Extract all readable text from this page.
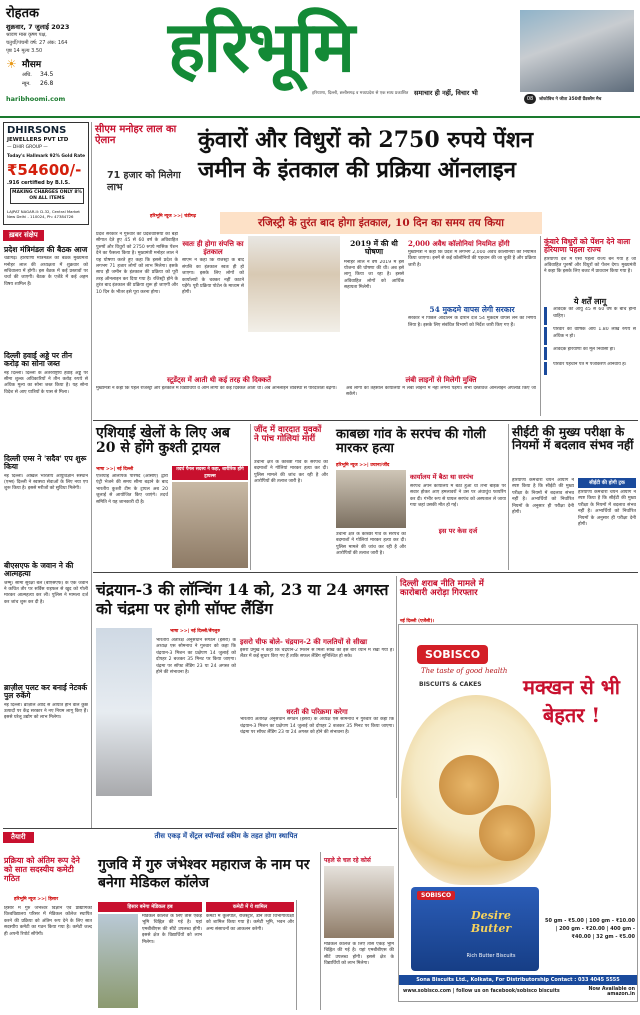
रोहतक
शुक्रवार, 7 जुलाई 2023
श्रावण मास कृष्ण पक्ष,
चतुर्थी/पंचमी वर्ष: 27 अंक: 164
पृष्ठ 14 मूल्य 3.50
☀ मौसम
अधि. 34.5
न्यून. 26.8
haribhoomi.com
हरिभूमि
हरियाणा, दिल्ली, छत्तीसगढ़ व मध्यप्रदेश से एक साथ प्रकाशित समाचार ही नहीं, विचार भी
08	जोकोविच ने जीता 350वीं ग्रैंडस्लैम मैच
DHIRSONS
JEWELLERS PVT LTD
— DHIR GROUP —
Today's Hallmark 92% Gold Rate
₹54600/-
.916 certified by B.I.S.
MAKING CHARGES ONLY 8% ON ALL ITEMS
LAJPAT NAGAR-II: D-32, Central Market New Delhi - 110024, Ph: 47384726
ख़बर संक्षेप
प्रदेश मंत्रिमंडल की बैठक आज
चंडीगढ़। हरियाणा मंत्रिमंडल की बैठक मुख्यमंत्री मनोहर लाल की अध्यक्षता में शुक्रवार को सचिवालय में होगी। इस बैठक में कई प्रस्तावों पर चर्चा की जाएगी। बैठक के एजेंडे में कई अहम विषय शामिल हैं।
दिल्ली हवाई अड्डे पर तीन करोड़ का सोना जब्त
नई दिल्ली। दिल्ली के अंतरराष्ट्रीय हवाई अड्डे पर सीमा शुल्क अधिकारियों ने तीन करोड़ रुपये से अधिक मूल्य का सोना जब्त किया है। यह सोना विदेश से आए यात्रियों के पास से मिला।
दिल्ली एम्स ने 'सदैव' एप शुरू किया
नई दिल्ली। अखिल भारतीय आयुर्विज्ञान संस्थान (एम्स) दिल्ली ने स्वास्थ्य सेवाओं के लिए नया एप शुरू किया है। इससे मरीजों को सुविधा मिलेगी।
बीएसएफ के जवान ने की आत्महत्या
जम्मू। सीमा सुरक्षा बल (बीएसएफ) के एक जवान ने कथित तौर पर सर्विस राइफल से खुद को गोली मारकर आत्महत्या कर ली। पुलिस ने मामला दर्ज कर जांच शुरू कर दी है।
ब्राज़ील पलट कर बनाई नेटवर्क पुल रुकेंगे
नई दिल्ली। ब्राज़ील आदि से आयात होने वाले कुछ उत्पादों पर केंद्र सरकार ने नए नियम लागू किए हैं। इससे घरेलू उद्योग को लाभ मिलेगा।
सीएम मनोहर लाल का ऐलान
71 हजार को मिलेगा लाभ
कुंवारों और विधुरों को 2750 रुपये पेंशन
जमीन के इंतकाल की प्रक्रिया ऑनलाइन
हरिभूमि न्यूज >>| चंडीगढ़
रजिस्ट्री के तुरंत बाद होगा इंतकाल, 10 दिन का समय तय किया
प्रदेश सरकार ने गुरुवार को प्रदेशवासियों को बड़ी सौगात देते हुए 45 से 60 वर्ष के अविवाहित पुरुषों और विधुरों को 2750 रुपये मासिक पेंशन देने का फैसला किया है। मुख्यमंत्री मनोहर लाल ने यह घोषणा करते हुए कहा कि इससे प्रदेश के लगभग 71 हजार लोगों को लाभ मिलेगा। इसके साथ ही जमीन के इंतकाल की प्रक्रिया को पूरी तरह ऑनलाइन कर दिया गया है। रजिस्ट्री होने के तुरंत बाद इंतकाल की प्रक्रिया शुरू हो जाएगी और 10 दिन के भीतर इसे पूरा करना होगा।
स्वतः ही होगा संपत्ति का इंतकाल
सीएम ने कहा कि रजिस्ट्री के बाद संपत्ति का इंतकाल स्वतः ही हो जाएगा। इसके लिए लोगों को कार्यालयों के चक्कर नहीं काटने पड़ेंगे। पूरी प्रक्रिया पोर्टल के माध्यम से होगी।
2019 में की थी घोषणा
मनोहर लाल ने वर्ष 2019 में इस योजना की घोषणा की थी। अब इसे लागू किया जा रहा है। इससे अविवाहित लोगों को आर्थिक सहायता मिलेगी।
2,000 अवैध कॉलोनियां नियमित होंगी
मुख्यमंत्री ने कहा कि प्रदेश में लगभग 2,000 अवैध कॉलोनियों को नियमित किया जाएगा। इनमें से कई कॉलोनियों की पहचान की जा चुकी है और प्रक्रिया जारी है।
54 मुकदमे वापस लेगी सरकार
सरकार ने पिछले आंदोलन के दौरान दर्ज 54 मुकदमे वापस लेने का निर्णय लिया है। इसके लिए संबंधित विभागों को निर्देश जारी किए गए हैं।
स्टूडेंट्स में आती थी कई तरह की दिक्कतें
मुख्यमंत्री ने कहा कि पहले रजिस्ट्री और इंतकाल में विद्यार्थियों व आम लोगों को कई दिक्कतें आती थीं। अब ऑनलाइन व्यवस्था से पारदर्शिता बढ़ेगी।
लंबी लाइनों से मिलेगी मुक्ति
अब लोगों को तहसील कार्यालयों में लंबी लाइनों में नहीं लगना पड़ेगा। सभी दस्तावेज ऑनलाइन अपलोड किए जा सकेंगे।
कुंवारे विधुरों को पेंशन देने वाला हरियाणा पहला राज्य
हरियाणा देश में ऐसा पहला राज्य बन गया है जो अविवाहित पुरुषों और विधुरों को पेंशन देगा। मुख्यमंत्री ने कहा कि इसके लिए बजट में प्रावधान किया गया है।
ये शर्तें लागू
आवेदक की आयु 45 से 60 वर्ष के बीच होनी चाहिए।
परिवार की वार्षिक आय 1.80 लाख रुपये से अधिक न हो।
आवेदक हरियाणा का मूल निवासी हो।
परिवार पहचान पत्र में पंजीकरण अनिवार्य है।
एशियाई खेलों के लिए अब 20 से होंगे कुश्ती ट्रायल
भाषा >>| नई दिल्ली
एशियाई ओलंपिक परिषद (ओसीए) द्वारा एंट्री भेजने की समय सीमा बढ़ाने के बाद भारतीय कुश्ती टीम के ट्रायल अब 20 जुलाई से आयोजित किए जाएंगे। तदर्थ समिति ने यह जानकारी दी है।
तदर्थ पैनल सदस्य ने कहा, शारीरिक होंगे ट्रायल्स
जींद में वारदात युवकों ने पांच गोलियां मारीं
उचाना क्षेत्र के काब्छा गांव के सरपंच का बदमाशों ने गोलियां मारकर हत्या कर दी। पुलिस मामले की जांच कर रही है और आरोपियों की तलाश जारी है।
काबछा गांव के सरपंच की गोली मारकर हत्या
हरिभूमि न्यूज >>| उचाना/जींद
कार्यालय में बैठा था सरपंच
सरपंच अपने कार्यालय में बैठा हुआ था तभी बाइक पर सवार होकर आए हमलावरों ने उस पर अंधाधुंध फायरिंग कर दी। गंभीर रूप से घायल सरपंच को अस्पताल ले जाया गया जहां उसकी मौत हो गई।
इस पर केस दर्ज
उचाना क्षेत्र के काब्छा गांव के सरपंच का बदमाशों ने गोलियां मारकर हत्या कर दी। पुलिस मामले की जांच कर रही है और आरोपियों की तलाश जारी है।
सीईटी की मुख्य परीक्षा के नियमों में बदलाव संभव नहीं
हरियाणा कर्मचारी चयन आयोग ने स्पष्ट किया है कि सीईटी की मुख्य परीक्षा के नियमों में बदलाव संभव नहीं है। अभ्यर्थियों को निर्धारित नियमों के अनुसार ही परीक्षा देनी होगी।
सीईटी की होगी ट्रक
हरियाणा कर्मचारी चयन आयोग ने स्पष्ट किया है कि सीईटी की मुख्य परीक्षा के नियमों में बदलाव संभव नहीं है। अभ्यर्थियों को निर्धारित नियमों के अनुसार ही परीक्षा देनी होगी।
चंद्रयान-3 की लॉन्चिंग 14 को, 23 या 24 अगस्त को चंद्रमा पर होगी सॉफ्ट लैंडिंग
भाषा >>| नई दिल्ली/बेंगलुरु
भारतीय अंतरिक्ष अनुसंधान संगठन (इसरो) के अध्यक्ष एस सोमनाथ ने गुरुवार को कहा कि चंद्रयान-3 मिशन का प्रक्षेपण 14 जुलाई को दोपहर 2 बजकर 35 मिनट पर किया जाएगा। चंद्रमा पर सॉफ्ट लैंडिंग 23 या 24 अगस्त को होने की संभावना है।
इसरो चीफ बोले- चंद्रयान-2 की गलतियों से सीखा
इसरो प्रमुख ने कहा कि चंद्रयान-2 मिशन से मिली सीख को इस बार ध्यान में रखा गया है। लैंडर में कई सुधार किए गए हैं ताकि सफल लैंडिंग सुनिश्चित हो सके।
धरती की परिक्रमा करेगा
भारतीय अंतरिक्ष अनुसंधान संगठन (इसरो) के अध्यक्ष एस सोमनाथ ने गुरुवार को कहा कि चंद्रयान-3 मिशन का प्रक्षेपण 14 जुलाई को दोपहर 2 बजकर 35 मिनट पर किया जाएगा। चंद्रमा पर सॉफ्ट लैंडिंग 23 या 24 अगस्त को होने की संभावना है।
दिल्ली शराब नीति मामले में कारोबारी अरोड़ा गिरफ्तार
नई दिल्ली (एजेंसी)।
SOBISCO
The taste of good health
BISCUITS & CAKES	मक्खन से भी
बेहतर !
SOBISCO
Desire Butter
Rich Butter Biscuits
50 gm - ₹5.00 | 100 gm - ₹10.00 | 200 gm - ₹20.00 | 400 gm - ₹40.00 | 32 gm - ₹5.00
Sona Biscuits Ltd., Kolkata, For Distributorship Contact : 033 4045 5555
www.sobisco.com | follow us on facebook/sobisco biscuits	Now Available on amazon.in
तैयारी	तीस एकड़ में सेंट्रल स्पॉन्सर्ड स्कीम के तहत होगा स्थापित
प्रक्रिया को अंतिम रूप देने को सात सदस्यीय कमेटी गठित
हरिभूमि न्यूज >>| हिसार
हिसार में गुरु जंभेश्वर विज्ञान एवं प्रौद्योगिकी विश्वविद्यालय परिसर में मेडिकल कॉलेज स्थापित करने की प्रक्रिया को अंतिम रूप देने के लिए सात सदस्यीय कमेटी का गठन किया गया है। कमेटी जल्द ही अपनी रिपोर्ट सौंपेगी।
गुजवि में गुरु जंभेश्वर महाराज के नाम पर बनेगा मेडिकल कॉलेज
हिसार बनेगा मेडिकल हब
मेडिकल कॉलेज के लिए तीस एकड़ भूमि चिह्नित की गई है। यहां एमबीबीएस की सीटें उपलब्ध होंगी। इससे क्षेत्र के विद्यार्थियों को लाभ मिलेगा।
कमेटी में ये शामिल
कमेटी में कुलपति, रजिस्ट्रार, डीन तथा विभागाध्यक्षों को शामिल किया गया है। कमेटी भूमि, भवन और अन्य संसाधनों का आकलन करेगी।
पहले से चल रहे कोर्स
मेडिकल कॉलेज के लिए तीस एकड़ भूमि चिह्नित की गई है। यहां एमबीबीएस की सीटें उपलब्ध होंगी। इससे क्षेत्र के विद्यार्थियों को लाभ मिलेगा।
